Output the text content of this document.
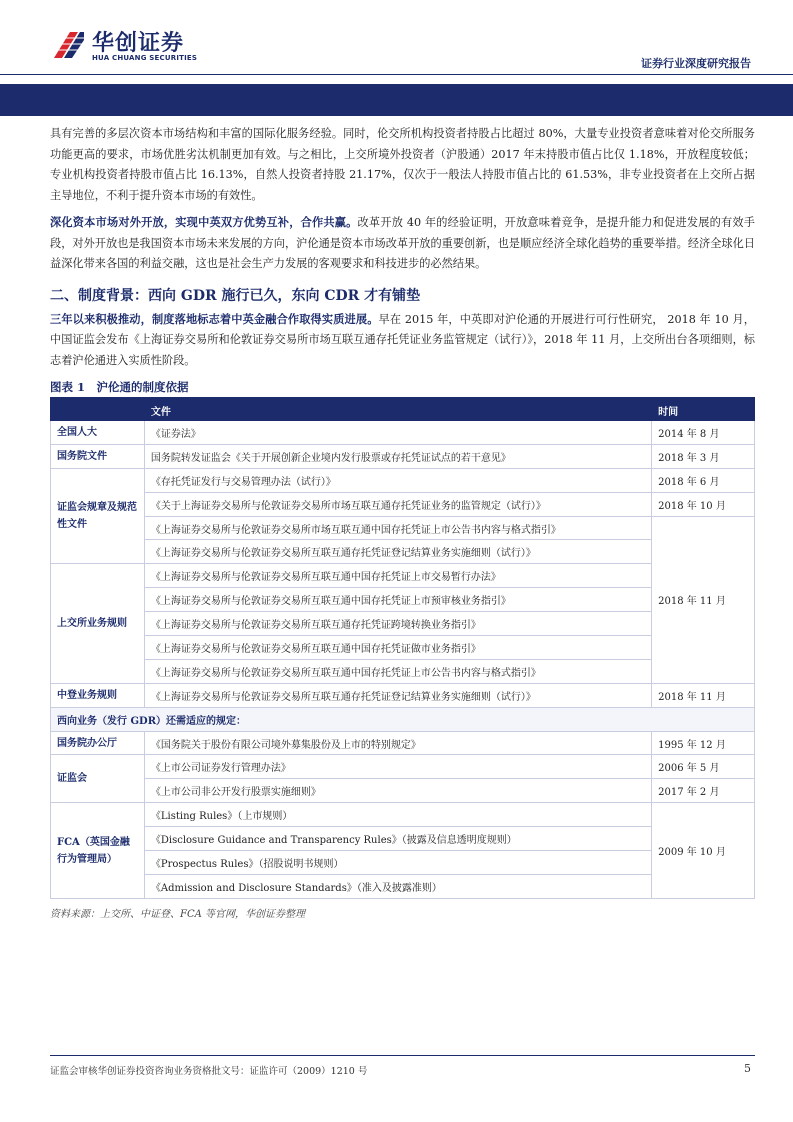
华创证券
HUA CHUANG SECURITIES	证券行业深度研究报告

具有完善的多层次资本市场结构和丰富的国际化服务经验。同时，伦交所机构投资者持股占比超过 80%，大量专业投资者意味着对伦交所服务功能更高的要求，市场优胜劣汰机制更加有效。与之相比，上交所境外投资者（沪股通）2017 年末持股市值占比仅 1.18%，开放程度较低；专业机构投资者持股市值占比 16.13%，自然人投资者持股 21.17%，仅次于一般法人持股市值占比的 61.53%，非专业投资者在上交所占据主导地位，不利于提升资本市场的有效性。

深化资本市场对外开放，实现中英双方优势互补，合作共赢。改革开放 40 年的经验证明，开放意味着竞争，是提升能力和促进发展的有效手段，对外开放也是我国资本市场未来发展的方向，沪伦通是资本市场改革开放的重要创新，也是顺应经济全球化趋势的重要举措。经济全球化日益深化带来各国的利益交融，这也是社会生产力发展的客观要求和科技进步的必然结果。

二、制度背景：西向 GDR 施行已久，东向 CDR 才有铺垫

三年以来积极推动，制度落地标志着中英金融合作取得实质进展。早在 2015 年，中英即对沪伦通的开展进行可行性研究， 2018 年 10 月，中国证监会发布《上海证券交易所和伦敦证券交易所市场互联互通存托凭证业务监管规定（试行）》，2018 年 11 月，上交所出台各项细则，标志着沪伦通进入实质性阶段。

图表 1　沪伦通的制度依据
	文件	时间
全国人大	《证券法》	2014 年 8 月
国务院文件	国务院转发证监会《关于开展创新企业境内发行股票或存托凭证试点的若干意见》	2018 年 3 月
证监会规章及规范性文件	《存托凭证发行与交易管理办法（试行）》	2018 年 6 月
	《关于上海证券交易所与伦敦证券交易所市场互联互通存托凭证业务的监管规定（试行）》	2018 年 10 月
	《上海证券交易所与伦敦证券交易所市场互联互通中国存托凭证上市公告书内容与格式指引》	2018 年 11 月
	《上海证券交易所与伦敦证券交易所互联互通存托凭证登记结算业务实施细则（试行）》	
上交所业务规则	《上海证券交易所与伦敦证券交易所互联互通中国存托凭证上市交易暂行办法》	
	《上海证券交易所与伦敦证券交易所互联互通中国存托凭证上市预审核业务指引》	
	《上海证券交易所与伦敦证券交易所互联互通存托凭证跨境转换业务指引》	
	《上海证券交易所与伦敦证券交易所互联互通中国存托凭证做市业务指引》	
	《上海证券交易所与伦敦证券交易所互联互通中国存托凭证上市公告书内容与格式指引》	
中登业务规则	《上海证券交易所与伦敦证券交易所互联互通存托凭证登记结算业务实施细则（试行）》	2018 年 11 月
西向业务（发行 GDR）还需适应的规定：		
国务院办公厅	《国务院关于股份有限公司境外募集股份及上市的特别规定》	1995 年 12 月
证监会	《上市公司证券发行管理办法》	2006 年 5 月
	《上市公司非公开发行股票实施细则》	2017 年 2 月
FCA（英国金融行为管理局）	《Listing Rules》（上市规则）	2009 年 10 月
	《Disclosure Guidance and Transparency Rules》（披露及信息透明度规则）	
	《Prospectus Rules》（招股说明书规则）	
	《Admission and Disclosure Standards》（准入及披露准则）	
资料来源：上交所、中证登、FCA 等官网，华创证券整理
证监会审核华创证券投资咨询业务资格批文号：证监许可（2009）1210 号	5
